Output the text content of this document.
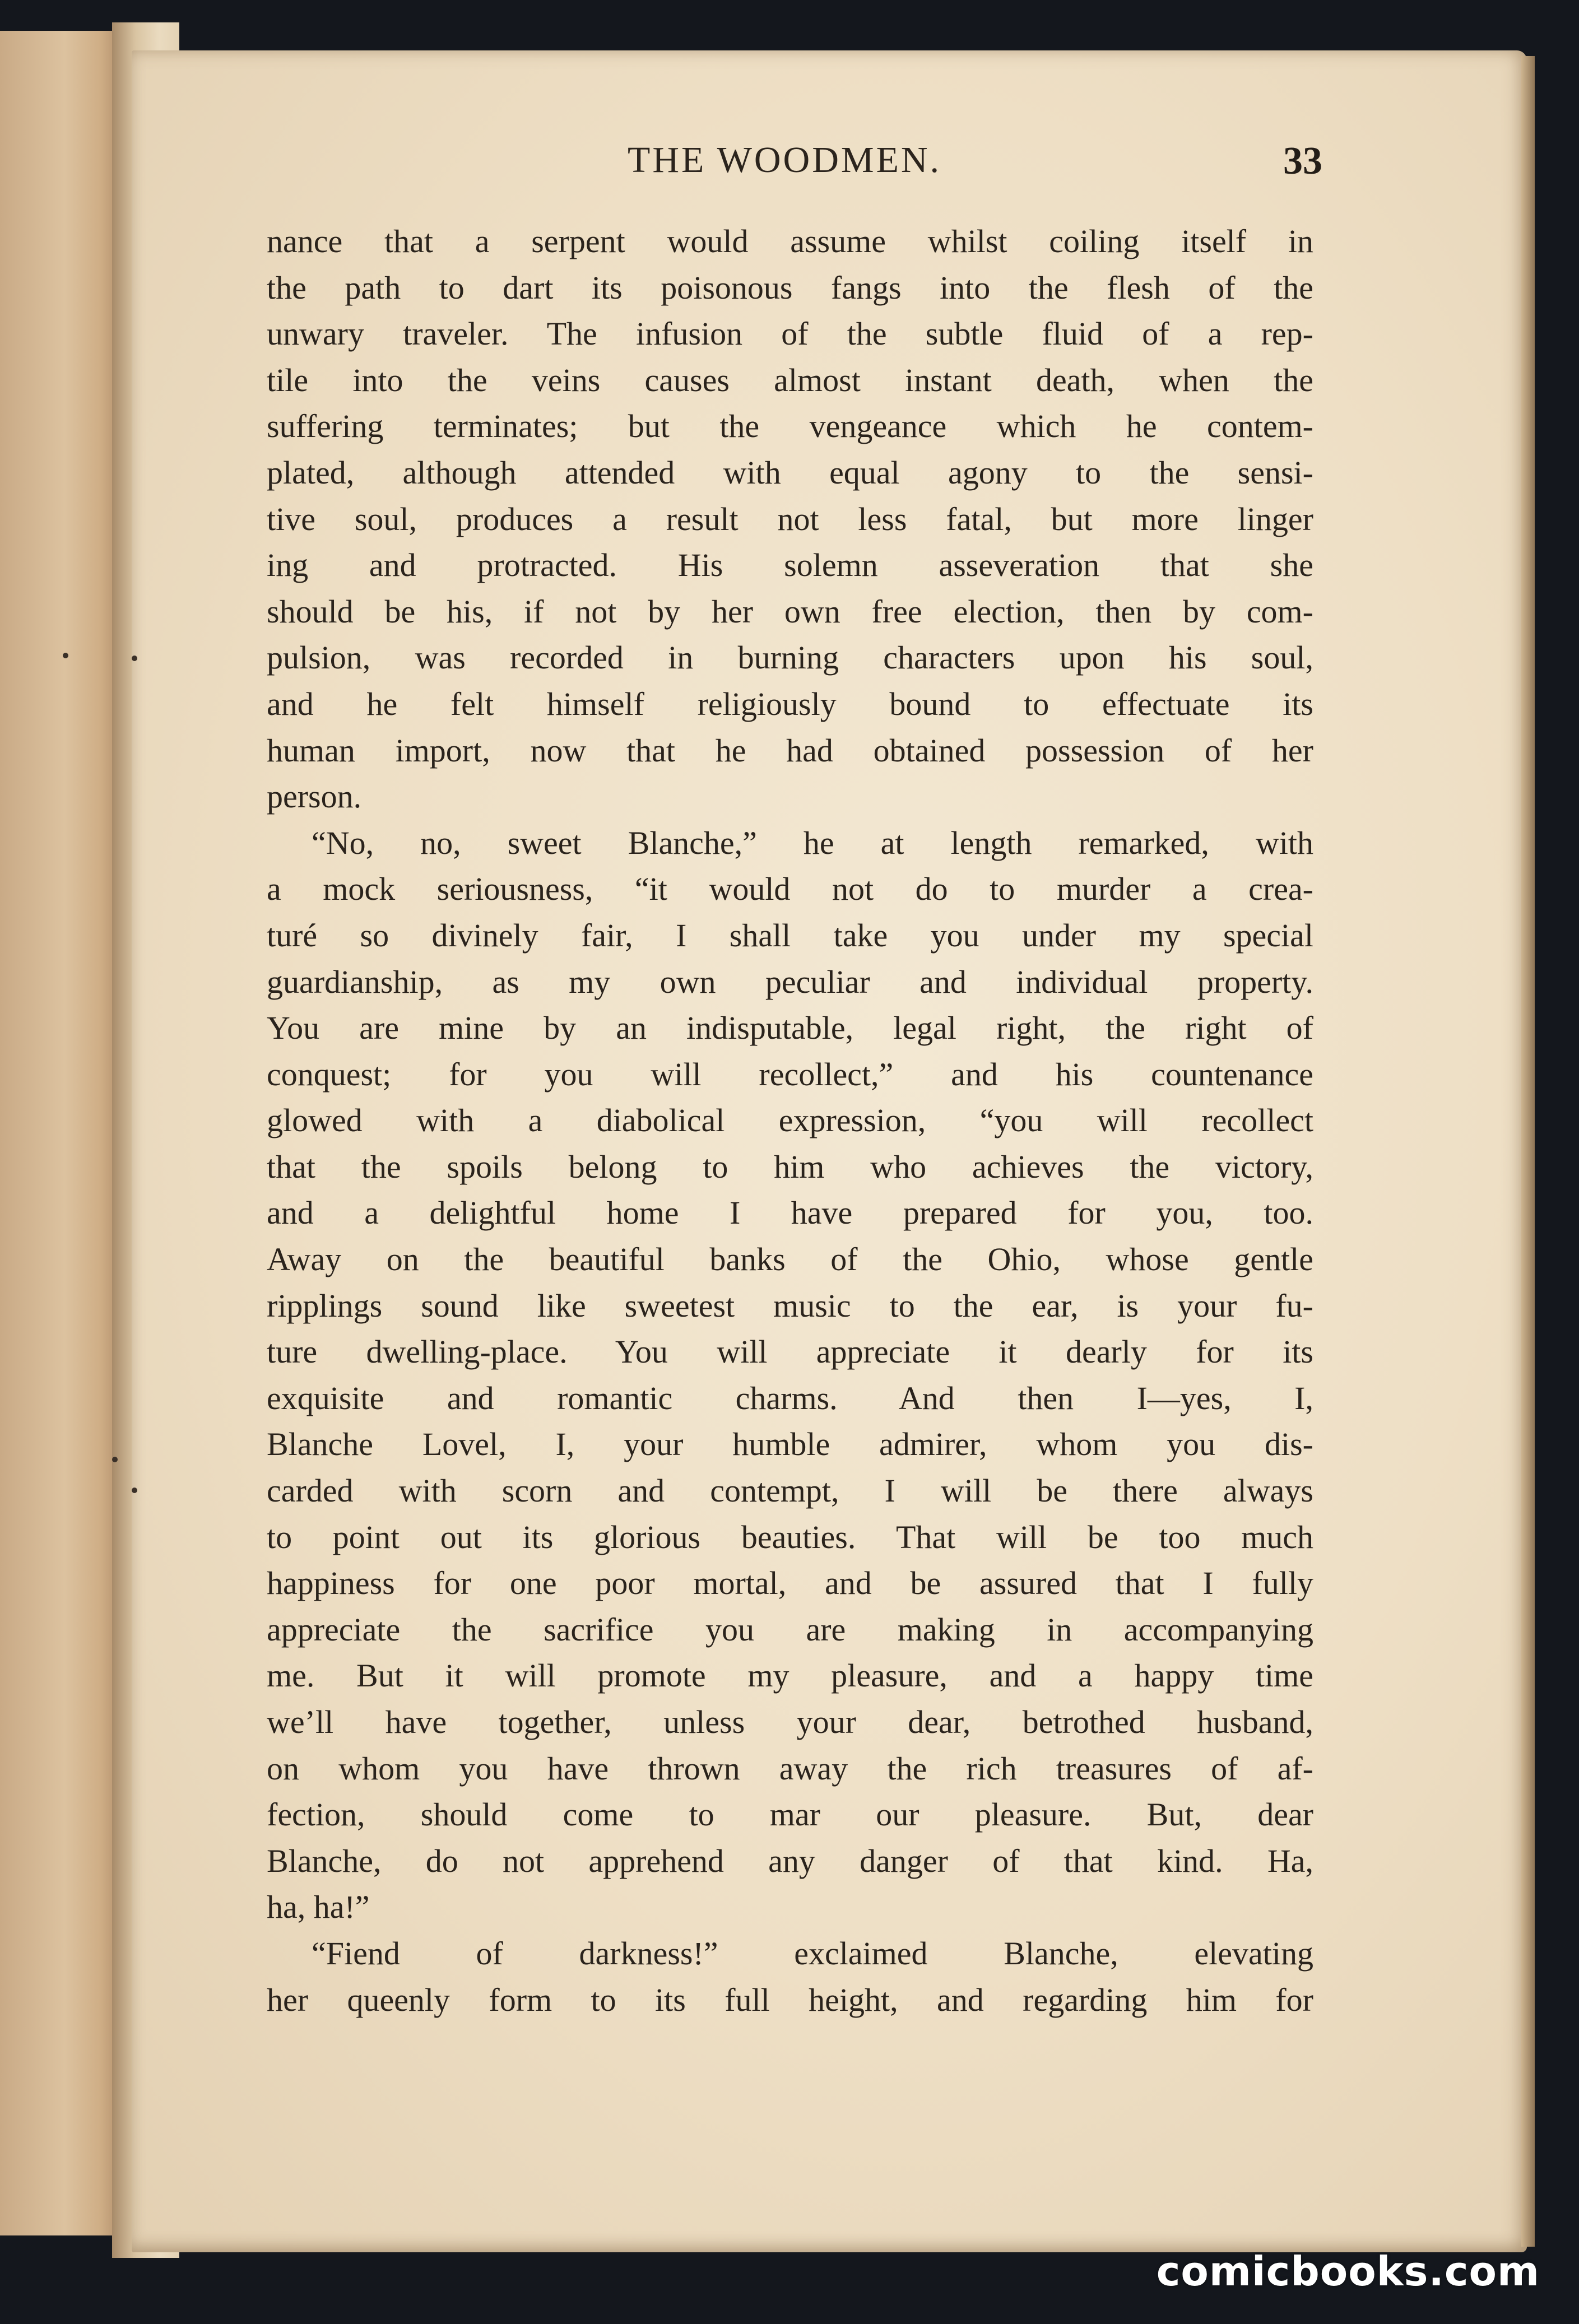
THE WOODMEN.	33
nance that a serpent would assume whilst coiling itself in
the path to dart its poisonous fangs into the flesh of the
unwary traveler. The infusion of the subtle fluid of a rep-
tile into the veins causes almost instant death, when the
suffering terminates; but the vengeance which he contem-
plated, although attended with equal agony to the sensi-
tive soul, produces a result not less fatal, but more linger
ing and protracted. His solemn asseveration that she
should be his, if not by her own free election, then by com-
pulsion, was recorded in burning characters upon his soul,
and he felt himself religiously bound to effectuate its
human import, now that he had obtained possession of her
person.
“No, no, sweet Blanche,” he at length remarked, with
a mock seriousness, “it would not do to murder a crea-
turé so divinely fair, I shall take you under my special
guardianship, as my own peculiar and individual property.
You are mine by an indisputable, legal right, the right of
conquest; for you will recollect,” and his countenance
glowed with a diabolical expression, “you will recollect
that the spoils belong to him who achieves the victory,
and a delightful home I have prepared for you, too.
Away on the beautiful banks of the Ohio, whose gentle
ripplings sound like sweetest music to the ear, is your fu-
ture dwelling-place. You will appreciate it dearly for its
exquisite and romantic charms. And then I—yes, I,
Blanche Lovel, I, your humble admirer, whom you dis-
carded with scorn and contempt, I will be there always
to point out its glorious beauties. That will be too much
happiness for one poor mortal, and be assured that I fully
appreciate the sacrifice you are making in accompanying
me. But it will promote my pleasure, and a happy time
we’ll have together, unless your dear, betrothed husband,
on whom you have thrown away the rich treasures of af-
fection, should come to mar our pleasure. But, dear
Blanche, do not apprehend any danger of that kind. Ha,
ha, ha!”
“Fiend of darkness!” exclaimed Blanche, elevating
her queenly form to its full height, and regarding him for
comicbooks.com
